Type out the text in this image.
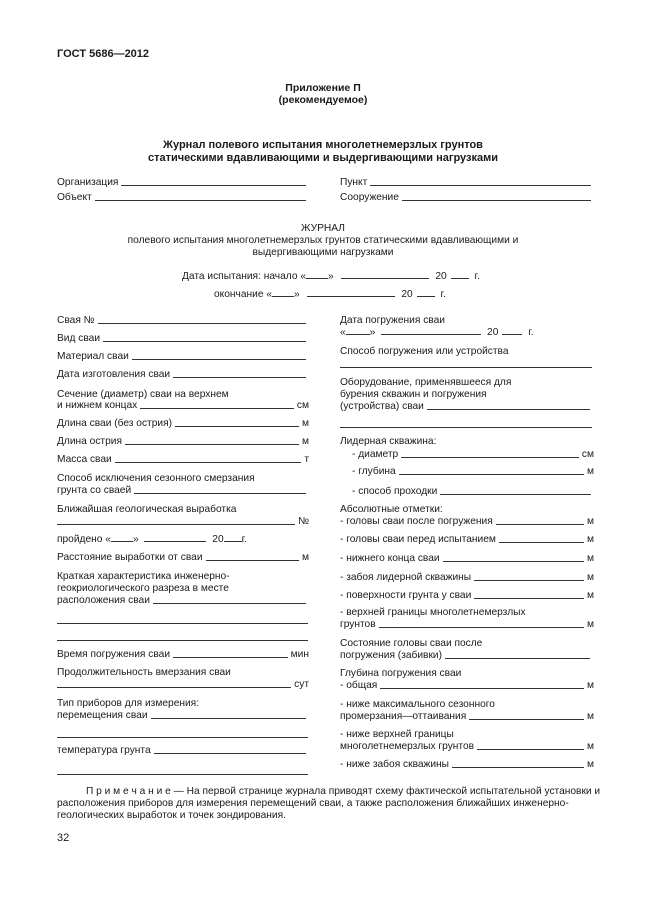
ГОСТ 5686—2012
Приложение П
(рекомендуемое)
Журнал полевого испытания многолетнемерзлых грунтов
статическими вдавливающими и выдергивающими нагрузками
Организация
Объект
Пункт
Сооружение
ЖУРНАЛ
полевого испытания многолетнемерзлых грунтов статическими вдавливающими и
выдергивающими нагрузками
Дата испытания: начало « »	20	г.
окончание « »	20	г.
Свая №
Вид сваи
Материал сваи
Дата изготовления сваи
Сечение (диаметр) сваи на верхнем
и нижнем концах	см
Длина сваи (без острия)	м
Длина острия	м
Масса сваи	т
Способ исключения сезонного смерзания
грунта со сваей
Ближайшая геологическая выработка
№
пройдено « »	20 г.
Расстояние выработки от сваи	м
Краткая характеристика инженерно-
геокриологического разреза в месте
расположения сваи
Время погружения сваи	мин
Продолжительность вмерзания сваи
сут
Тип приборов для измерения:
перемещения сваи
температура грунта
Дата погружения сваи
« »	20	г.
Способ погружения или устройства
Оборудование, применявшееся для
бурения скважин и погружения
(устройства) сваи
Лидерная скважина:
- диаметр	см
- глубина	м
- способ проходки
Абсолютные отметки:
- головы сваи после погружения	м
- головы сваи перед испытанием	м
- нижнего конца сваи	м
- забоя лидерной скважины	м
- поверхности грунта у сваи	м
- верхней границы многолетнемерзлых
грунтов	м
Состояние головы сваи после
погружения (забивки)
Глубина погружения сваи
- общая	м
- ниже максимального сезонного
промерзания—оттаивания	м
- ниже верхней границы
многолетнемерзлых грунтов	м
- ниже забоя скважины	м
П р и м е ч а н и е — На первой странице журнала приводят схему фактической испытательной установки и
расположения приборов для измерения перемещений сваи, а также расположения ближайших инженерно-
геологических выработок и точек зондирования.
32
